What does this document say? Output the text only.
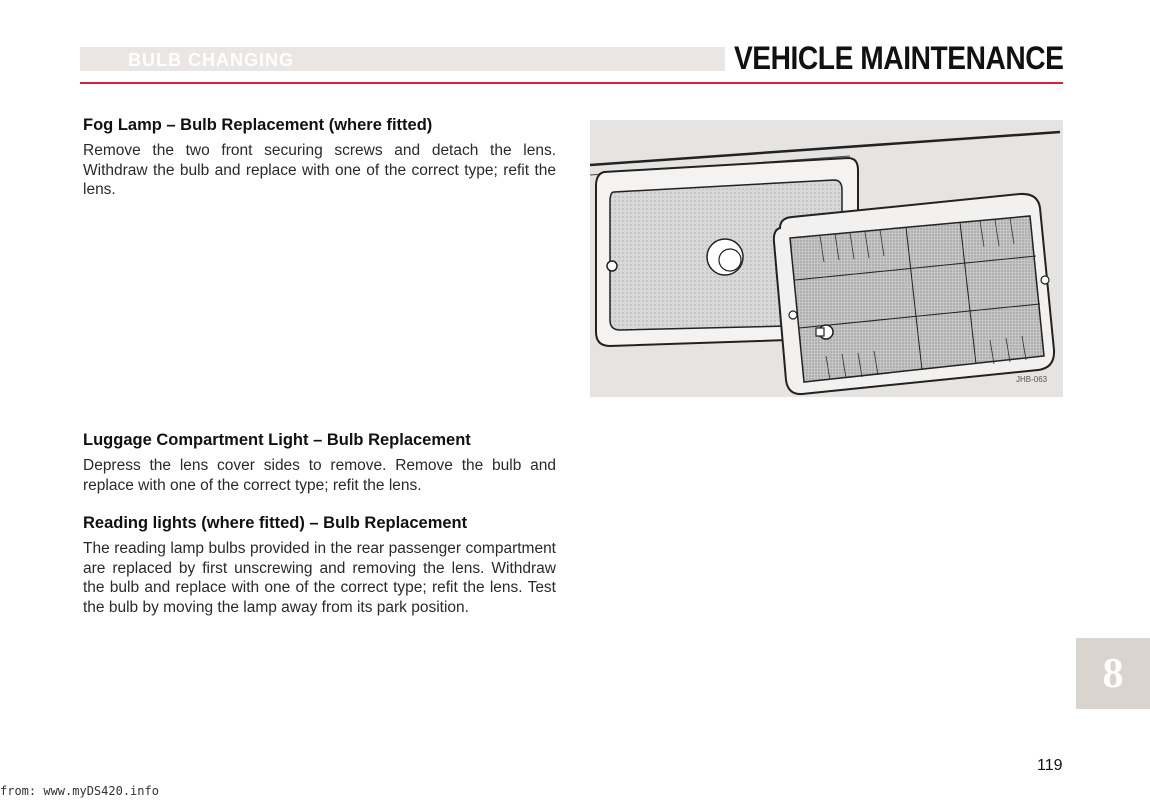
BULB CHANGING	VEHICLE MAINTENANCE
Fog Lamp – Bulb Replacement (where fitted)

Remove the two front securing screws and detach the lens. Withdraw the bulb and replace with one of the correct type; refit the lens.

Luggage Compartment Light – Bulb Replacement

Depress the lens cover sides to remove. Remove the bulb and replace with one of the correct type; refit the lens.

Reading lights (where fitted) – Bulb Replacement

The reading lamp bulbs provided in the rear passenger compartment are replaced by first unscrewing and removing the lens. Withdraw the bulb and replace with one of the correct type; refit the lens. Test the bulb by moving the lamp away from its park position.

JHB-063
8
119
from: www.myDS420.info
